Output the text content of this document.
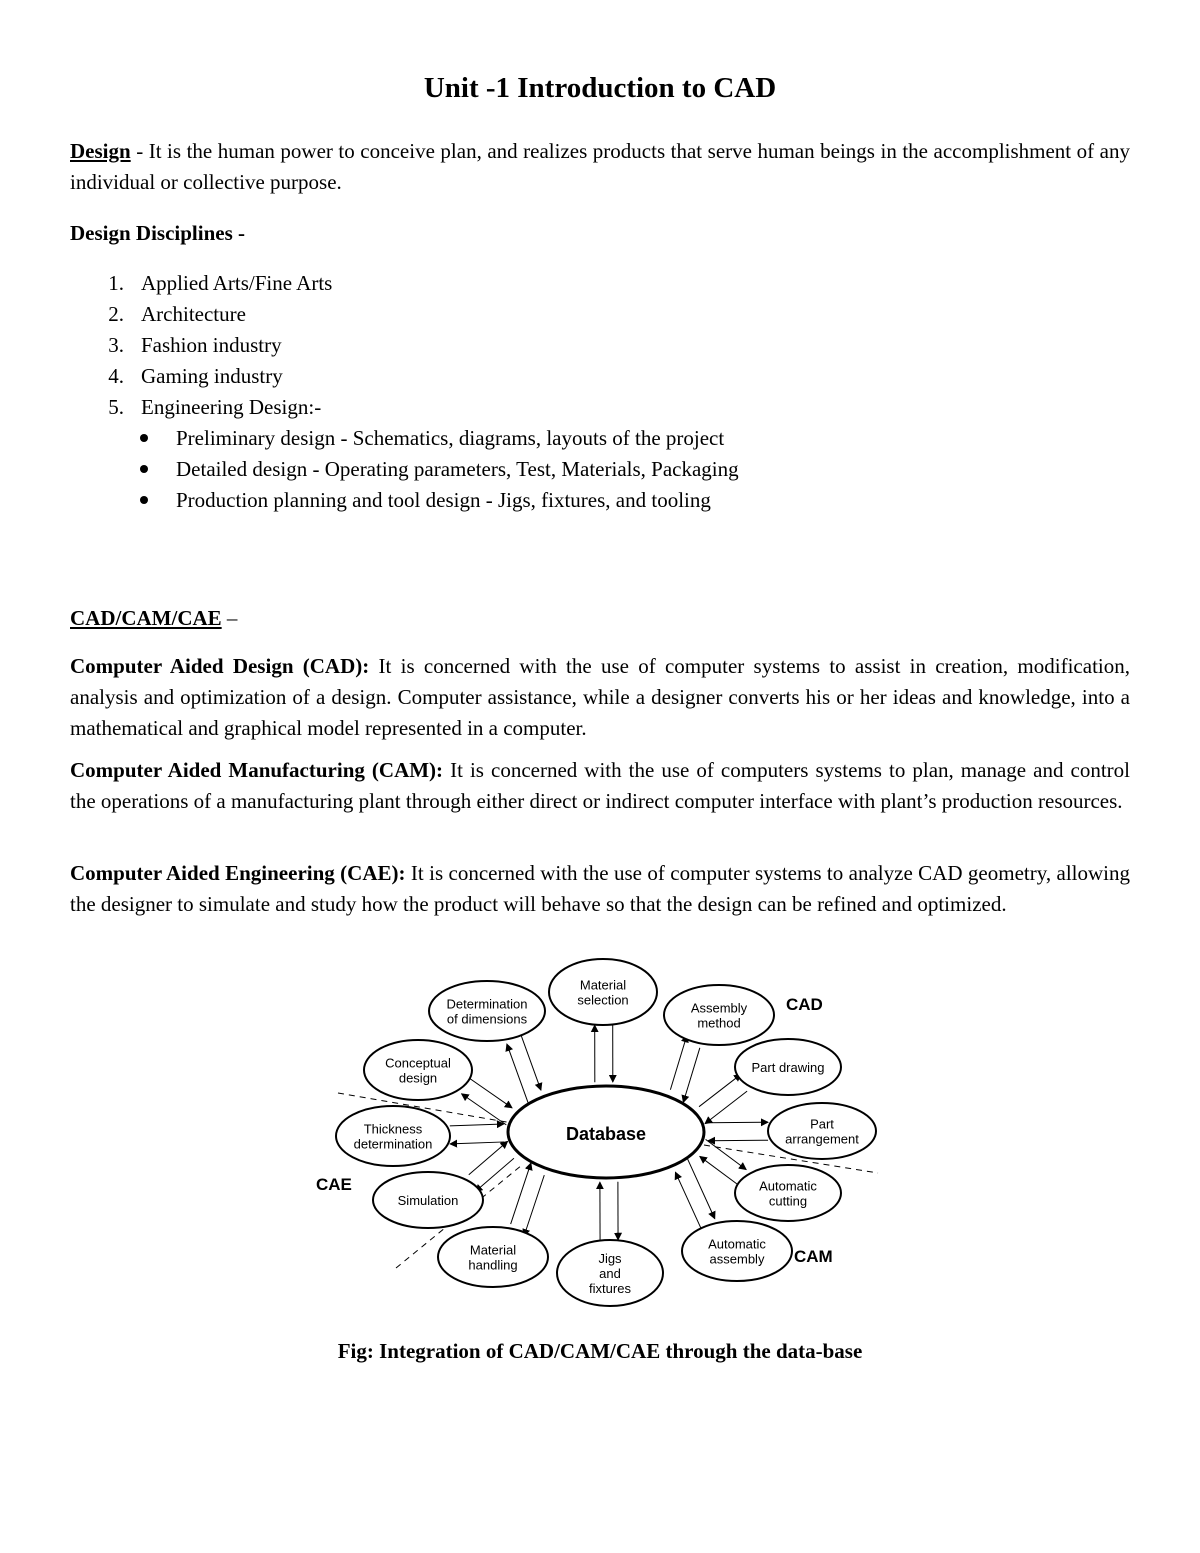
Unit -1 Introduction to CAD
Design - It is the human power to conceive plan, and realizes products that serve human beings in the accomplishment of any individual or collective purpose.
Design Disciplines -
1. Applied Arts/Fine Arts
2. Architecture
3. Fashion industry
4. Gaming industry
5. Engineering Design:-
Preliminary design - Schematics, diagrams, layouts of the project
Detailed design - Operating parameters, Test, Materials, Packaging
Production planning and tool design - Jigs, fixtures, and tooling
CAD/CAM/CAE –
Computer Aided Design (CAD): It is concerned with the use of computer systems to assist in creation, modification, analysis and optimization of a design. Computer assistance, while a designer converts his or her ideas and knowledge, into a mathematical and graphical model represented in a computer.
Computer Aided Manufacturing (CAM): It is concerned with the use of computers systems to plan, manage and control the operations of a manufacturing plant through either direct or indirect computer interface with plant’s production resources.
Computer Aided Engineering (CAE): It is concerned with the use of computer systems to analyze CAD geometry, allowing the designer to simulate and study how the product will behave so that the design can be refined and optimized.
Fig: Integration of CAD/CAM/CAE through the data-base
Database
Material
selection
Assembly
method
Part drawing
Part
arrangement
Automatic
cutting
Automatic
assembly
Jigs
and
fixtures
Material
handling
Simulation
Thickness
determination
Conceptual
design
Determination
of dimensions
CAD
CAE
CAM
